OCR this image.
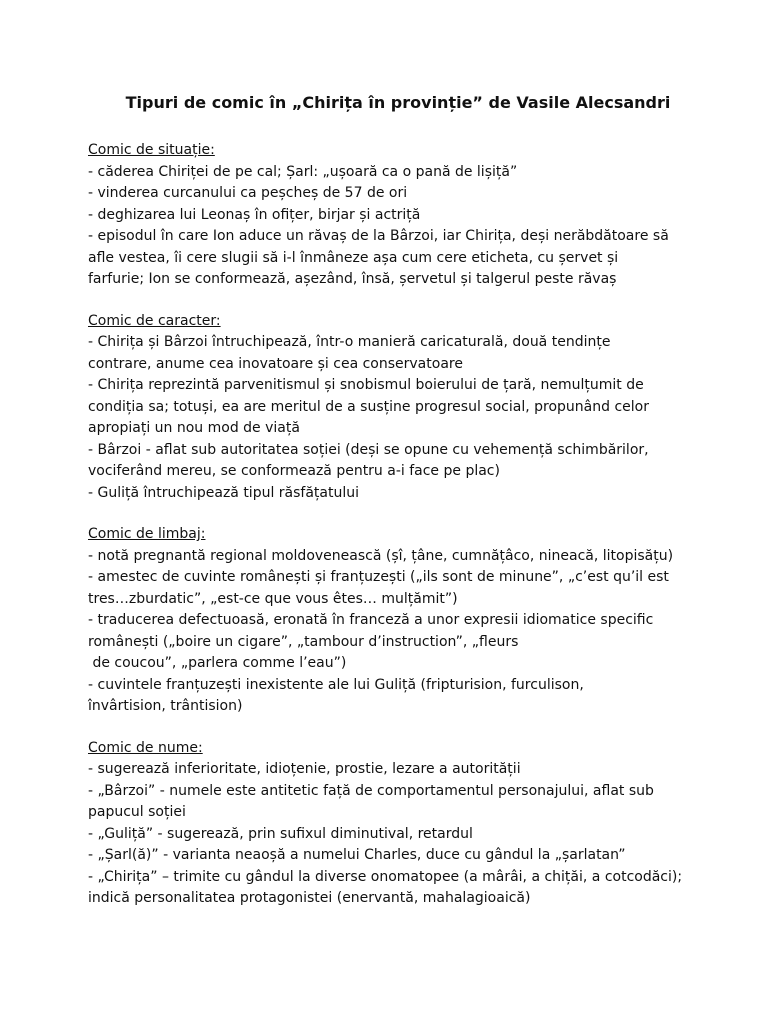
Tipuri de comic în „Chirița în provinție” de Vasile Alecsandri

Comic de situație:

- căderea Chiriței de pe cal; Șarl: „ușoară ca o pană de lișiță”

- vinderea curcanului ca peșcheș de 57 de ori

- deghizarea lui Leonaș în ofițer, birjar și actriță

- episodul în care Ion aduce un răvaș de la Bârzoi, iar Chirița, deși nerăbdătoare să

afle vestea, îi cere slugii să i-l înmâneze așa cum cere eticheta, cu șervet și

farfurie; Ion se conformează, așezând, însă, șervetul și talgerul peste răvaș

Comic de caracter:

- Chirița și Bârzoi întruchipează, într-o manieră caricaturală, două tendințe

contrare, anume cea inovatoare și cea conservatoare

- Chirița reprezintă parvenitismul și snobismul boierului de țară, nemulțumit de

condiția sa; totuși, ea are meritul de a susține progresul social, propunând celor

apropiați un nou mod de viață

- Bârzoi - aflat sub autoritatea soției (deși se opune cu vehemență schimbărilor,

vociferând mereu, se conformează pentru a-i face pe plac)

- Guliță întruchipează tipul răsfățatului

Comic de limbaj:

- notă pregnantă regional moldovenească (șî, țâne, cumnățâco, nineacă, litopisățu)

- amestec de cuvinte românești și franțuzești („ils sont de minune”, „c’est qu’il est

tres…zburdatic”, „est-ce que vous êtes… mulțămit”)

- traducerea defectuoasă, eronată în franceză a unor expresii idiomatice specific

românești („boire un cigare”, „tambour d’instruction”, „fleurs

de coucou”, „parlera comme l’eau”)

- cuvintele franțuzești inexistente ale lui Guliță (fripturision, furculison,

învârtision, trântision)

Comic de nume:

- sugerează inferioritate, idioțenie, prostie, lezare a autorității

- „Bârzoi” - numele este antitetic față de comportamentul personajului, aflat sub

papucul soției

- „Guliță” - sugerează, prin sufixul diminutival, retardul

- „Șarl(ă)” - varianta neaoșă a numelui Charles, duce cu gândul la „șarlatan”

- „Chirița” – trimite cu gândul la diverse onomatopee (a mârâi, a chițăi, a cotcodăci);

indică personalitatea protagonistei (enervantă, mahalagioaică)
